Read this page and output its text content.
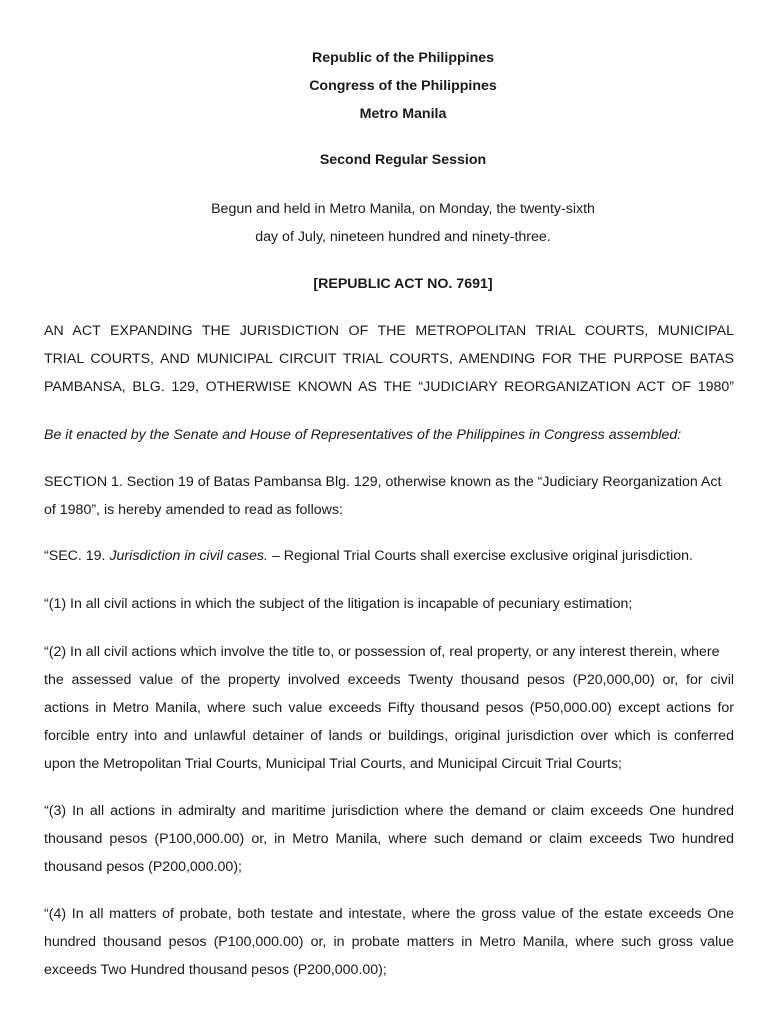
Republic of the Philippines
Congress of the Philippines
Metro Manila
Second Regular Session
Begun and held in Metro Manila, on Monday, the twenty-sixth
day of July, nineteen hundred and ninety-three.
[REPUBLIC ACT NO. 7691]
AN ACT EXPANDING THE JURISDICTION OF THE METROPOLITAN TRIAL COURTS, MUNICIPAL
TRIAL COURTS, AND MUNICIPAL CIRCUIT TRIAL COURTS, AMENDING FOR THE PURPOSE BATAS
PAMBANSA, BLG. 129, OTHERWISE KNOWN AS THE “JUDICIARY REORGANIZATION ACT OF 1980”
Be it enacted by the Senate and House of Representatives of the Philippines in Congress assembled:
SECTION 1. Section 19 of Batas Pambansa Blg. 129, otherwise known as the “Judiciary Reorganization Act
of 1980”, is hereby amended to read as follows:
“SEC. 19. Jurisdiction in civil cases. – Regional Trial Courts shall exercise exclusive original jurisdiction.
“(1) In all civil actions in which the subject of the litigation is incapable of pecuniary estimation;
“(2) In all civil actions which involve the title to, or possession of, real property, or any interest therein, where
the assessed value of the property involved exceeds Twenty thousand pesos (P20,000,00) or, for civil
actions in Metro Manila, where such value exceeds Fifty thousand pesos (P50,000.00) except actions for
forcible entry into and unlawful detainer of lands or buildings, original jurisdiction over which is conferred
upon the Metropolitan Trial Courts, Municipal Trial Courts, and Municipal Circuit Trial Courts;
“(3) In all actions in admiralty and maritime jurisdiction where the demand or claim exceeds One hundred
thousand pesos (P100,000.00) or, in Metro Manila, where such demand or claim exceeds Two hundred
thousand pesos (P200,000.00);
“(4) In all matters of probate, both testate and intestate, where the gross value of the estate exceeds One
hundred thousand pesos (P100,000.00) or, in probate matters in Metro Manila, where such gross value
exceeds Two Hundred thousand pesos (P200,000.00);
